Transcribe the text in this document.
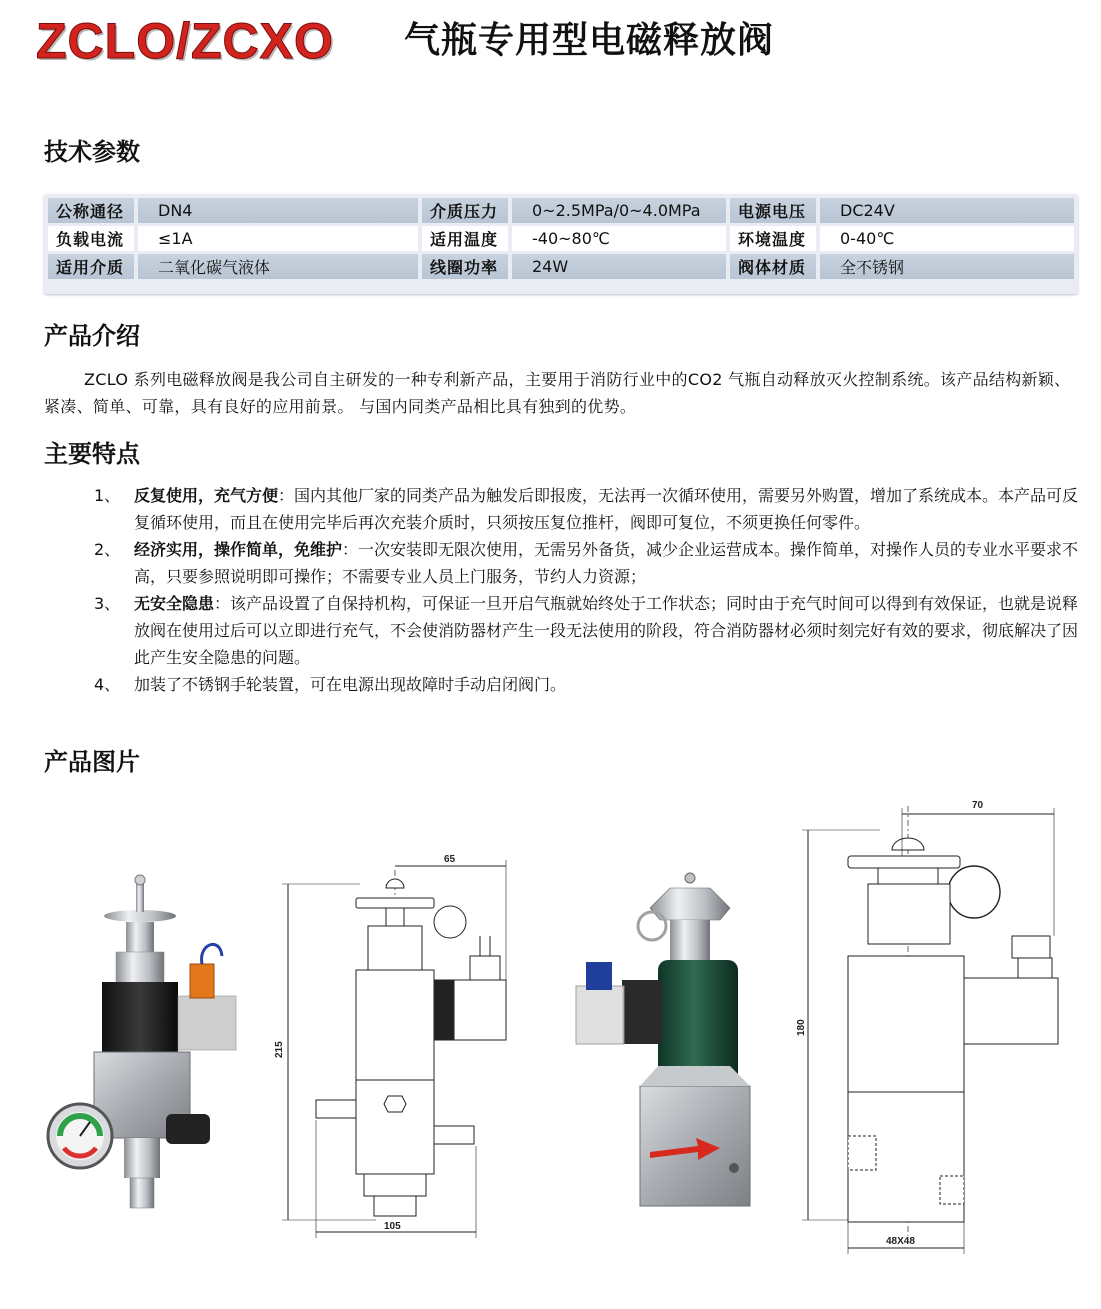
ZCLO/ZCXO 气瓶专用型电磁释放阀
技术参数
公称通径	DN4	介质压力	0~2.5MPa/0~4.0MPa	电源电压	DC24V
负载电流	≤1A	适用温度	-40~80℃	环境温度	0-40℃
适用介质	二氧化碳气液体	线圈功率	24W	阀体材质	全不锈钢
产品介绍
ZCLO 系列电磁释放阀是我公司自主研发的一种专利新产品，主要用于消防行业中的CO2 气瓶自动释放灭火控制系统。该产品结构新颖、紧凑、简单、可靠，具有良好的应用前景。 与国内同类产品相比具有独到的优势。
主要特点
1、 反复使用，充气方便：国内其他厂家的同类产品为触发后即报废，无法再一次循环使用，需要另外购置，增加了系统成本。本产品可反复循环使用，而且在使用完毕后再次充装介质时，只须按压复位推杆，阀即可复位，不须更换任何零件。
2、 经济实用，操作简单，免维护：一次安装即无限次使用，无需另外备货，减少企业运营成本。操作简单，对操作人员的专业水平要求不高，只要参照说明即可操作；不需要专业人员上门服务，节约人力资源；
3、 无安全隐患：该产品设置了自保持机构，可保证一旦开启气瓶就始终处于工作状态；同时由于充气时间可以得到有效保证，也就是说释放阀在使用过后可以立即进行充气，不会使消防器材产生一段无法使用的阶段，符合消防器材必须时刻完好有效的要求，彻底解决了因此产生安全隐患的问题。
4、 加装了不锈钢手轮装置，可在电源出现故障时手动启闭阀门。
产品图片
65
215
105
70
180
48X48
